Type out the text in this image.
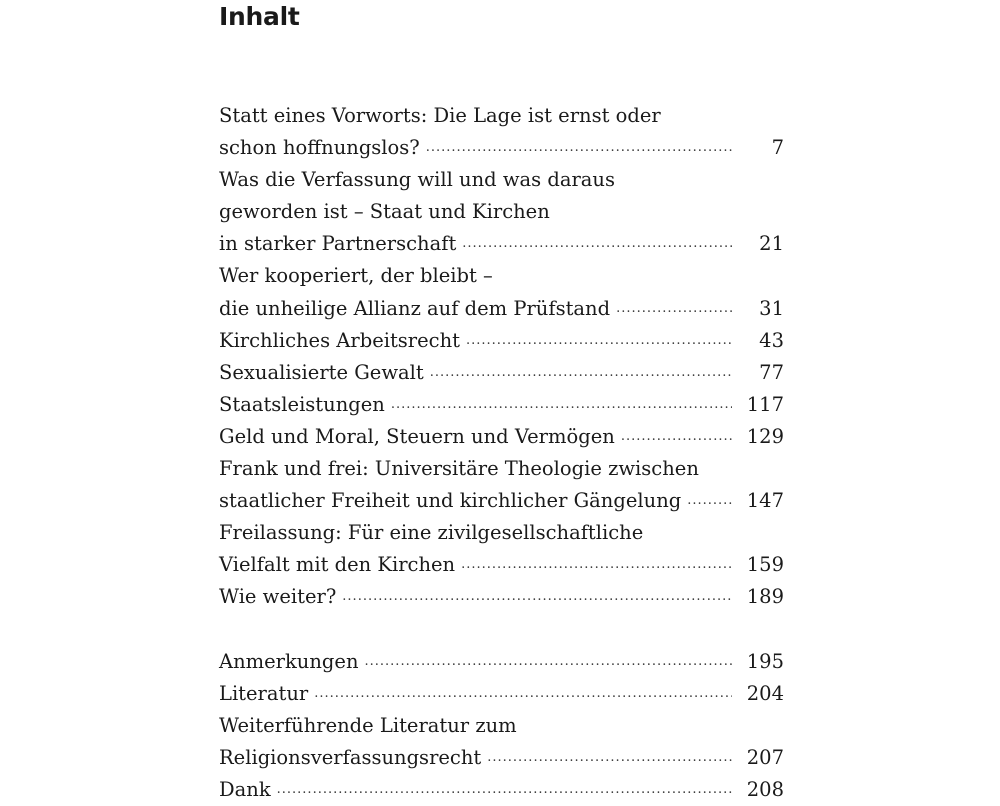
Inhalt
Statt eines Vorworts: Die Lage ist ernst oder
schon hoffnungslos? .....	7
Was die Verfassung will und was daraus
geworden ist – Staat und Kirchen
in starker Partnerschaft .....	21
Wer kooperiert, der bleibt –
die unheilige Allianz auf dem Prüfstand .....	31
Kirchliches Arbeitsrecht .....	43
Sexualisierte Gewalt .....	77
Staatsleistungen .....	117
Geld und Moral, Steuern und Vermögen .....	129
Frank und frei: Universitäre Theologie zwischen
staatlicher Freiheit und kirchlicher Gängelung .....	147
Freilassung: Für eine zivilgesellschaftliche
Vielfalt mit den Kirchen .....	159
Wie weiter? .....	189
Anmerkungen .....	195
Literatur .....	204
Weiterführende Literatur zum
Religionsverfassungsrecht .....	207
Dank .....	208
